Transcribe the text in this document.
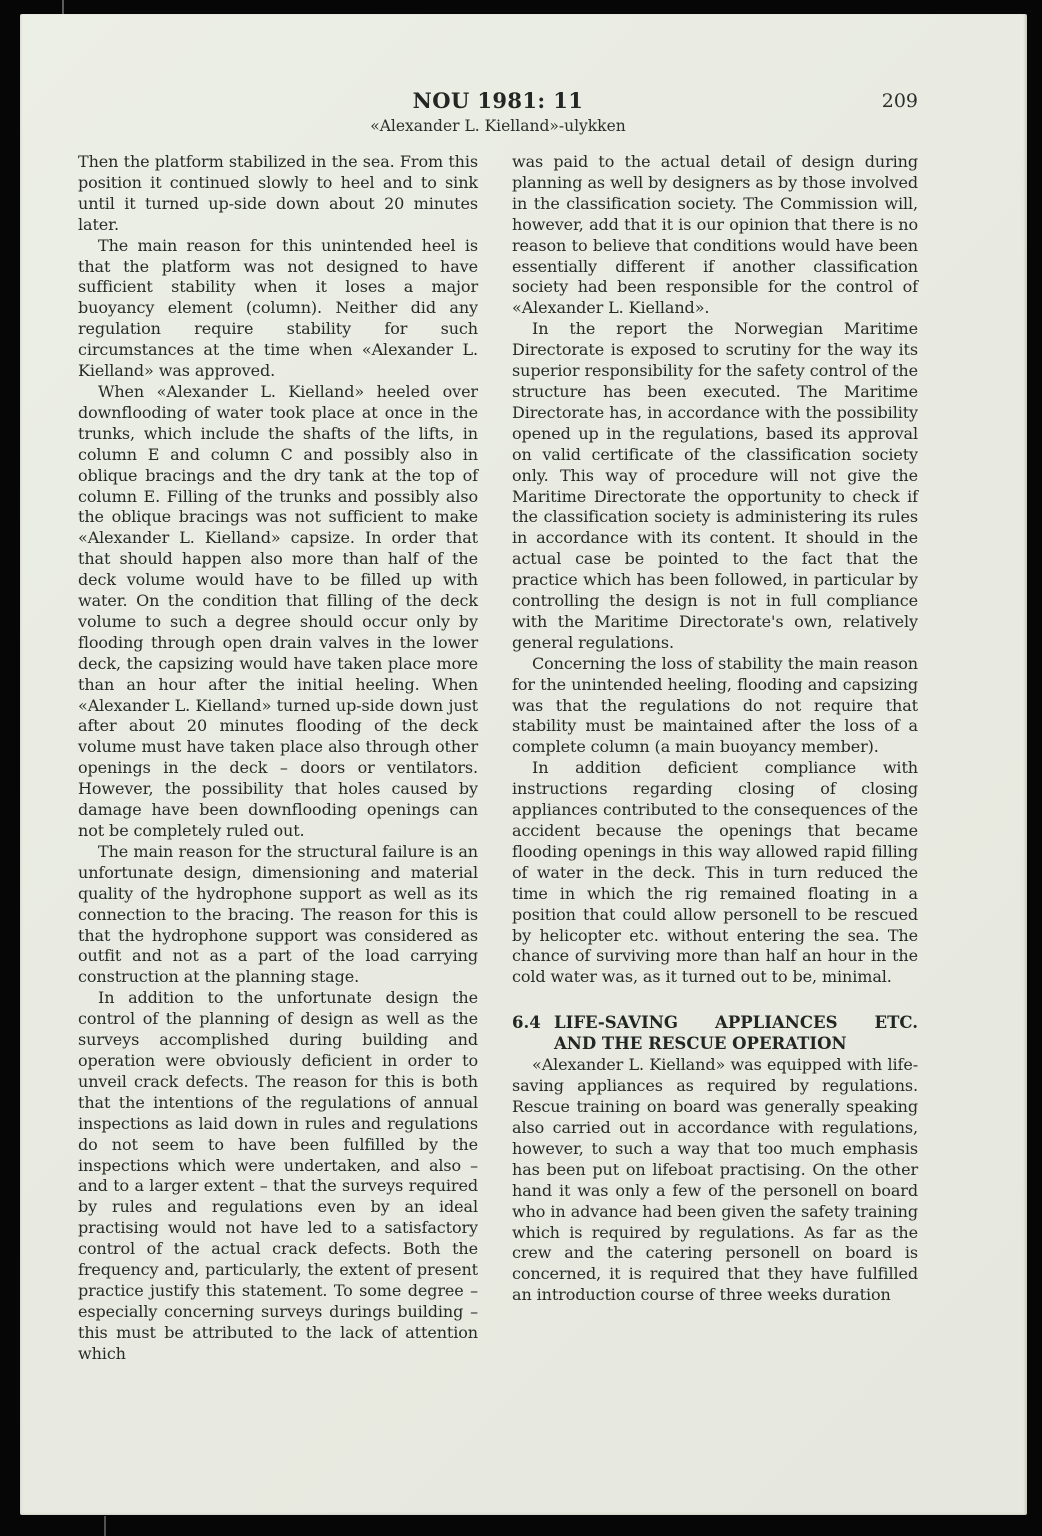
NOU 1981: 11
«Alexander L. Kielland»-ulykken
209

Then the platform stabilized in the sea. From this position it continued slowly to heel and to sink until it turned up-side down about 20 minutes later.

The main reason for this unintended heel is that the platform was not designed to have sufficient stability when it loses a major buoyancy element (column). Neither did any regulation require stability for such circumstances at the time when «Alexander L. Kielland» was approved.

When «Alexander L. Kielland» heeled over downflooding of water took place at once in the trunks, which include the shafts of the lifts, in column E and column C and possibly also in oblique bracings and the dry tank at the top of column E. Filling of the trunks and possibly also the oblique bracings was not sufficient to make «Alexander L. Kielland» capsize. In order that that should happen also more than half of the deck volume would have to be filled up with water. On the condition that filling of the deck volume to such a degree should occur only by flooding through open drain valves in the lower deck, the capsizing would have taken place more than an hour after the initial heeling. When «Alexander L. Kielland» turned up-side down just after about 20 minutes flooding of the deck volume must have taken place also through other openings in the deck – doors or ventilators. However, the possibility that holes caused by damage have been downflooding openings can not be completely ruled out.

The main reason for the structural failure is an unfortunate design, dimensioning and material quality of the hydrophone support as well as its connection to the bracing. The reason for this is that the hydrophone support was considered as outfit and not as a part of the load carrying construction at the planning stage.

In addition to the unfortunate design the control of the planning of design as well as the surveys accomplished during building and operation were obviously deficient in order to unveil crack defects. The reason for this is both that the intentions of the regulations of annual inspections as laid down in rules and regulations do not seem to have been fulfilled by the inspections which were undertaken, and also – and to a larger extent – that the surveys required by rules and regulations even by an ideal practising would not have led to a satisfactory control of the actual crack defects. Both the frequency and, particularly, the extent of present practice justify this statement. To some degree – especially concerning surveys durings building – this must be attributed to the lack of attention which

was paid to the actual detail of design during planning as well by designers as by those involved in the classification society. The Commission will, however, add that it is our opinion that there is no reason to believe that conditions would have been essentially different if another classification society had been responsible for the control of «Alexander L. Kielland».

In the report the Norwegian Maritime Directorate is exposed to scrutiny for the way its superior responsibility for the safety control of the structure has been executed. The Maritime Directorate has, in accordance with the possibility opened up in the regulations, based its approval on valid certificate of the classification society only. This way of procedure will not give the Maritime Directorate the opportunity to check if the classification society is administering its rules in accordance with its content. It should in the actual case be pointed to the fact that the practice which has been followed, in particular by controlling the design is not in full compliance with the Maritime Directorate's own, relatively general regulations.

Concerning the loss of stability the main reason for the unintended heeling, flooding and capsizing was that the regulations do not require that stability must be maintained after the loss of a complete column (a main buoyancy member).

In addition deficient compliance with instructions regarding closing of closing appliances contributed to the consequences of the accident because the openings that became flooding openings in this way allowed rapid filling of water in the deck. This in turn reduced the time in which the rig remained floating in a position that could allow personell to be rescued by helicopter etc. without entering the sea. The chance of surviving more than half an hour in the cold water was, as it turned out to be, minimal.

6.4 LIFE-SAVING APPLIANCES ETC.
AND THE RESCUE OPERATION

«Alexander L. Kielland» was equipped with life-saving appliances as required by regulations. Rescue training on board was generally speaking also carried out in accordance with regulations, however, to such a way that too much emphasis has been put on lifeboat practising. On the other hand it was only a few of the personell on board who in advance had been given the safety training which is required by regulations. As far as the crew and the catering personell on board is concerned, it is required that they have fulfilled an introduction course of three weeks duration
